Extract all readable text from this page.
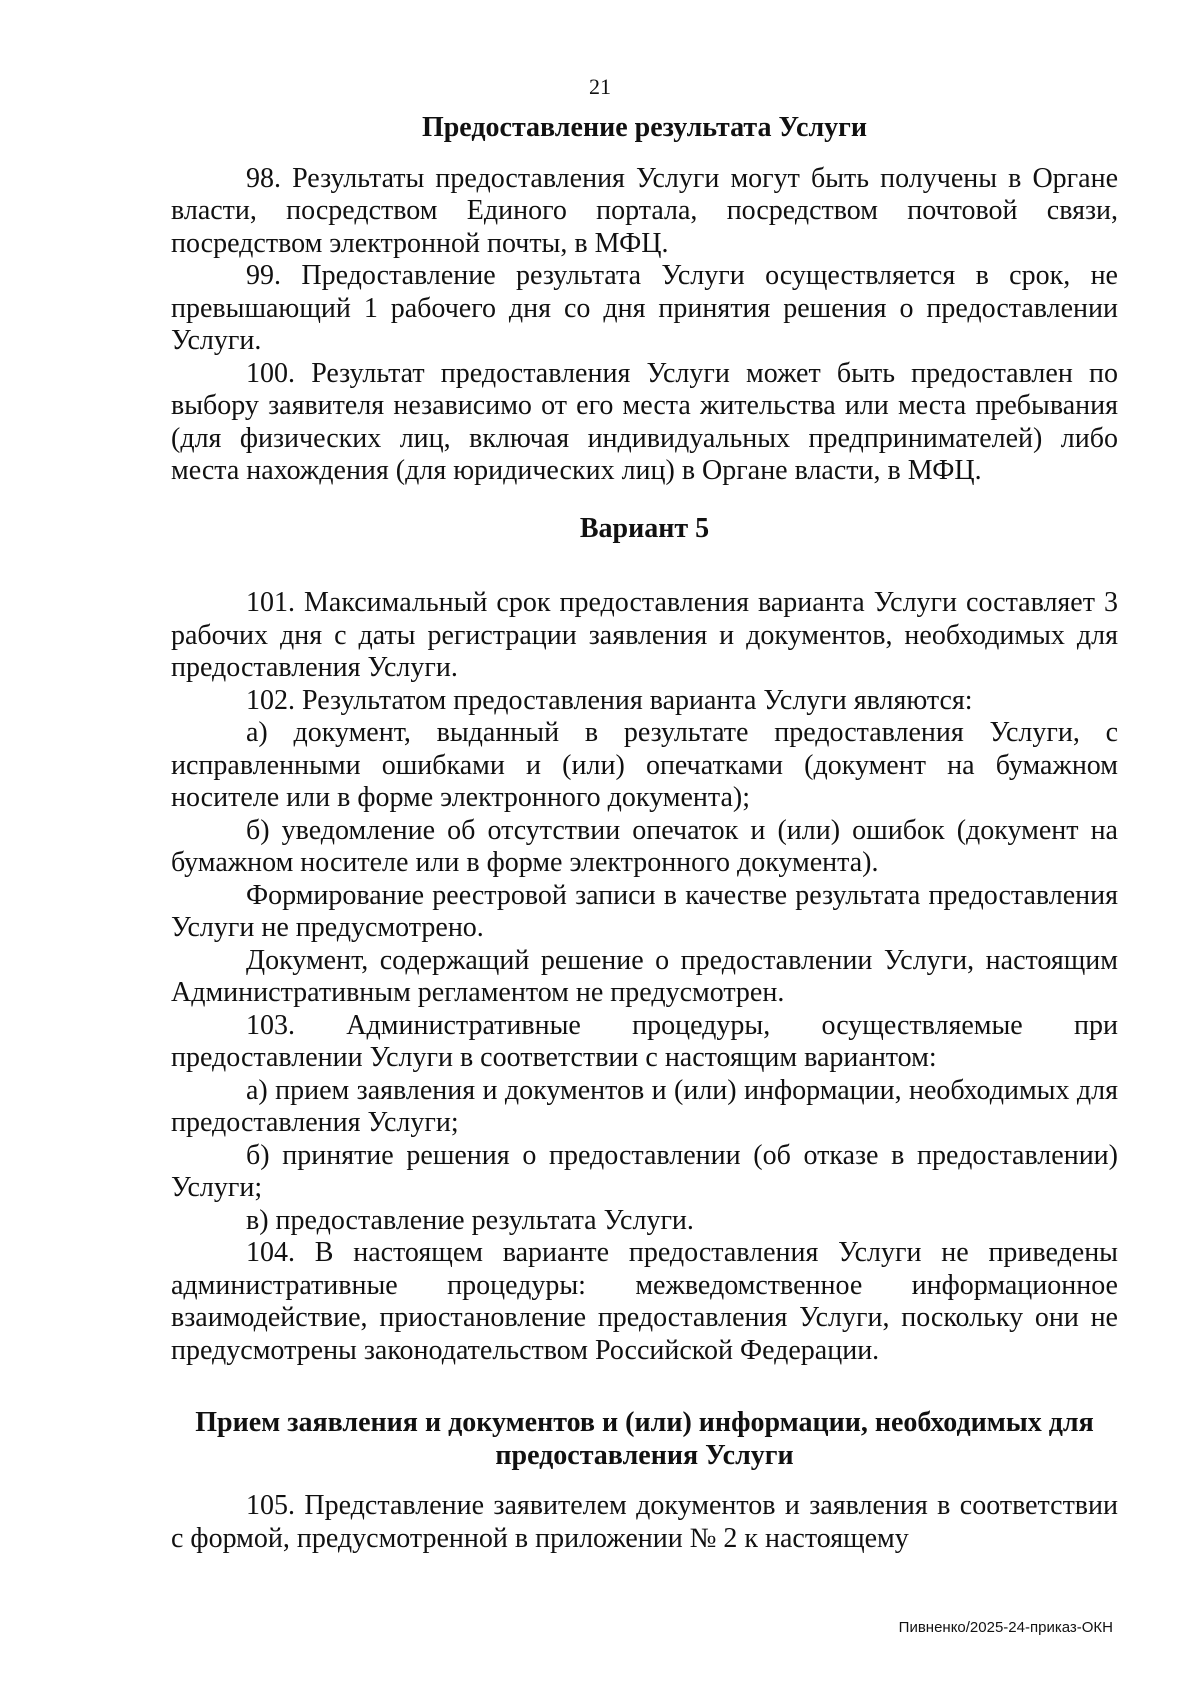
21

Предоставление результата Услуги

98. Результаты предоставления Услуги могут быть получены в Органе власти, посредством Единого портала, посредством почтовой связи, посредством электронной почты, в МФЦ.

99. Предоставление результата Услуги осуществляется в срок, не превышающий 1 рабочего дня со дня принятия решения о предоставлении Услуги.

100. Результат предоставления Услуги может быть предоставлен по выбору заявителя независимо от его места жительства или места пребывания (для физических лиц, включая индивидуальных предпринимателей) либо места нахождения (для юридических лиц) в Органе власти, в МФЦ.

Вариант 5

101. Максимальный срок предоставления варианта Услуги составляет 3 рабочих дня с даты регистрации заявления и документов, необходимых для предоставления Услуги.

102. Результатом предоставления варианта Услуги являются:

а) документ, выданный в результате предоставления Услуги, с исправленными ошибками и (или) опечатками (документ на бумажном носителе или в форме электронного документа);

б) уведомление об отсутствии опечаток и (или) ошибок (документ на бумажном носителе или в форме электронного документа).

Формирование реестровой записи в качестве результата предоставления Услуги не предусмотрено.

Документ, содержащий решение о предоставлении Услуги, настоящим Административным регламентом не предусмотрен.

103. Административные процедуры, осуществляемые при предоставлении Услуги в соответствии с настоящим вариантом:

а) прием заявления и документов и (или) информации, необходимых для предоставления Услуги;

б) принятие решения о предоставлении (об отказе в предоставлении) Услуги;

в) предоставление результата Услуги.

104. В настоящем варианте предоставления Услуги не приведены административные процедуры: межведомственное информационное взаимодействие, приостановление предоставления Услуги, поскольку они не предусмотрены законодательством Российской Федерации.

Прием заявления и документов и (или) информации, необходимых для предоставления Услуги

105. Представление заявителем документов и заявления в соответствии с формой, предусмотренной в приложении № 2 к настоящему

Пивненко/2025-24-приказ-ОКН
